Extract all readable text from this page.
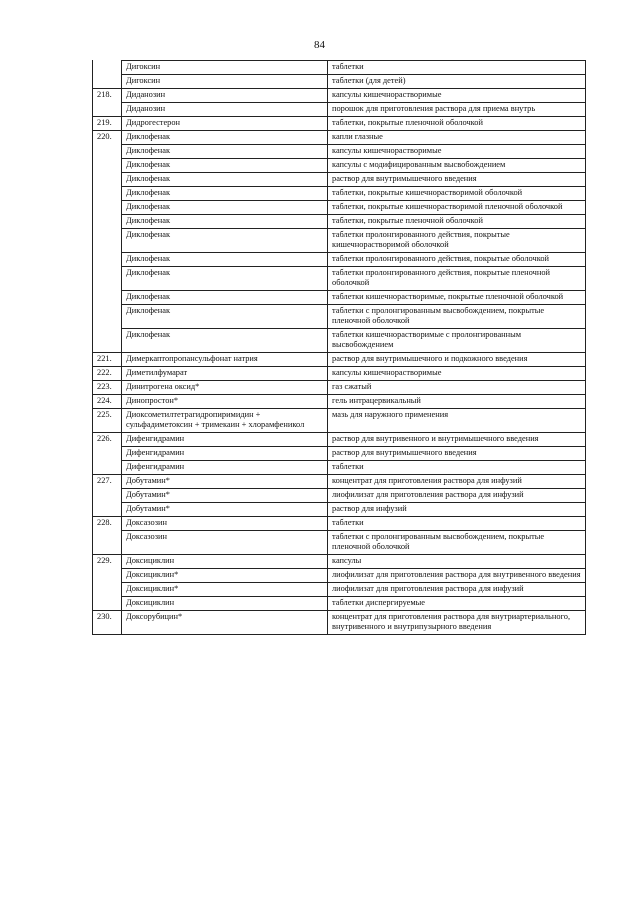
84
	Дигоксин	таблетки
	Дигоксин	таблетки (для детей)
218.	Диданозин	капсулы кишечнорастворимые
	Диданозин	порошок для приготовления раствора для приема внутрь
219.	Дидрогестерон	таблетки, покрытые пленочной оболочкой
220.	Диклофенак	капли глазные
	Диклофенак	капсулы кишечнорастворимые
	Диклофенак	капсулы с модифицированным высвобождением
	Диклофенак	раствор для внутримышечного введения
	Диклофенак	таблетки, покрытые кишечнорастворимой оболочкой
	Диклофенак	таблетки, покрытые кишечнорастворимой пленочной оболочкой
	Диклофенак	таблетки, покрытые пленочной оболочкой
	Диклофенак	таблетки пролонгированного действия, покрытые кишечнорастворимой оболочкой
	Диклофенак	таблетки пролонгированного действия, покрытые оболочкой
	Диклофенак	таблетки пролонгированного действия, покрытые пленочной оболочкой
	Диклофенак	таблетки кишечнорастворимые, покрытые пленочной оболочкой
	Диклофенак	таблетки с пролонгированным высвобождением, покрытые пленочной оболочкой
	Диклофенак	таблетки кишечнорастворимые с пролонгированным высвобождением
221.	Димеркаптопропансульфонат натрия	раствор для внутримышечного и подкожного введения
222.	Диметилфумарат	капсулы кишечнорастворимые
223.	Динитрогена оксид*	газ сжатый
224.	Динопростон*	гель интрацервикальный
225.	Диоксометилтетрагидропиримидин + сульфадиметоксин + тримекаин + хлорамфеникол	мазь для наружного применения
226.	Дифенгидрамин	раствор для внутривенного и внутримышечного введения
	Дифенгидрамин	раствор для внутримышечного введения
	Дифенгидрамин	таблетки
227.	Добутамин*	концентрат для приготовления раствора для инфузий
	Добутамин*	лиофилизат для приготовления раствора для инфузий
	Добутамин*	раствор для инфузий
228.	Доксазозин	таблетки
	Доксазозин	таблетки с пролонгированным высвобождением, покрытые пленочной оболочкой
229.	Доксициклин	капсулы
	Доксициклин*	лиофилизат для приготовления раствора для внутривенного введения
	Доксициклин*	лиофилизат для приготовления раствора для инфузий
	Доксициклин	таблетки диспергируемые
230.	Доксорубицин*	концентрат для приготовления раствора для внутриартериального, внутривенного и внутрипузырного введения
